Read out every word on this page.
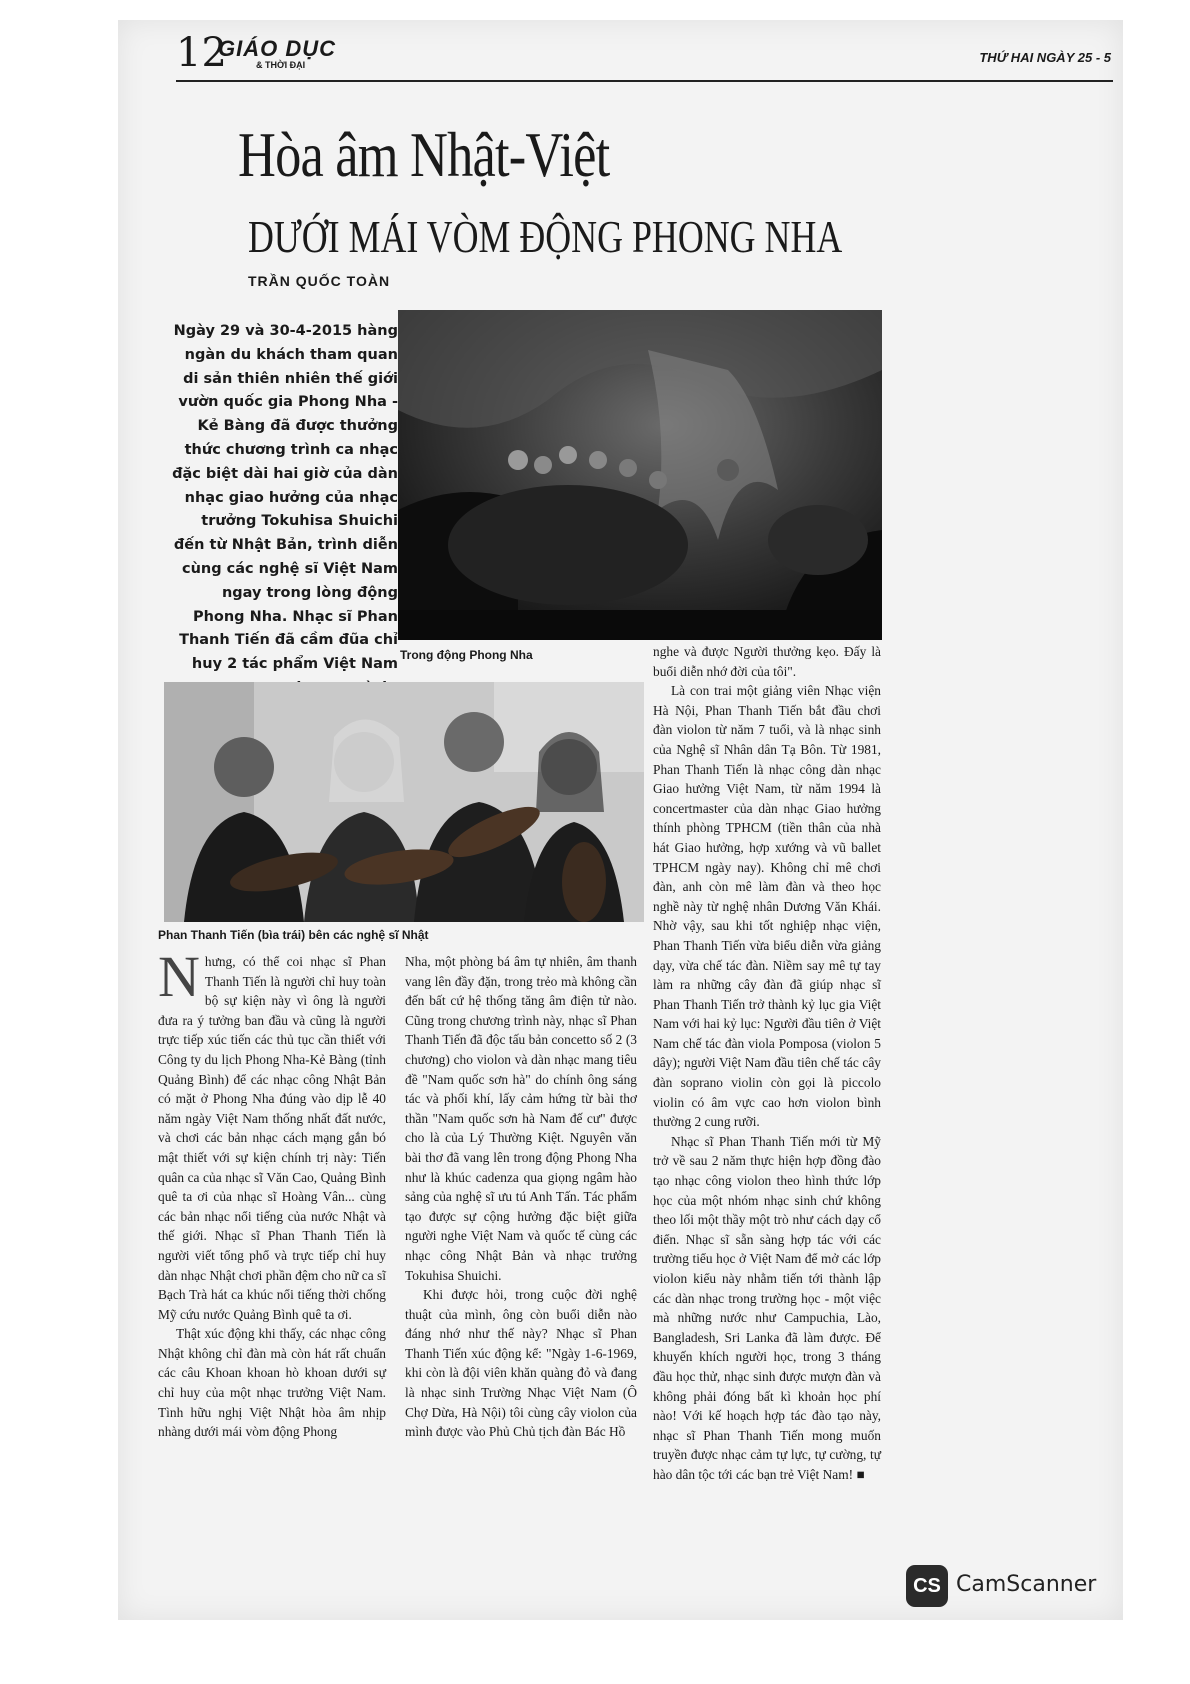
12
GIÁO DỤC
& THỜI ĐẠI	THỨ HAI NGÀY 25 - 5
Hòa âm Nhật-Việt
DƯỚI MÁI VÒM ĐỘNG PHONG NHA
TRẦN QUỐC TOÀN
Ngày 29 và 30-4-2015 hàng ngàn du khách tham quan di sản thiên nhiên thế giới vườn quốc gia Phong Nha - Kẻ Bàng đã được thưởng thức chương trình ca nhạc đặc biệt dài hai giờ của dàn nhạc giao hưởng của nhạc trưởng Tokuhisa Shuichi đến từ Nhật Bản, trình diễn cùng các nghệ sĩ Việt Nam ngay trong lòng động Phong Nha. Nhạc sĩ Phan Thanh Tiến đã cầm đũa chỉ huy 2 tác phẩm Việt Nam
Trong động Phong Nha
Phan Thanh Tiến (bìa trái) bên các nghệ sĩ Nhật

Nhưng, có thể coi nhạc sĩ Phan Thanh Tiến là người chỉ huy toàn bộ sự kiện này vì ông là người đưa ra ý tưởng ban đầu và cũng là người trực tiếp xúc tiến các thủ tục cần thiết với Công ty du lịch Phong Nha-Kẻ Bàng (tỉnh Quảng Bình) để các nhạc công Nhật Bản có mặt ở Phong Nha đúng vào dịp lễ 40 năm ngày Việt Nam thống nhất đất nước, và chơi các bản nhạc cách mạng gắn bó mật thiết với sự kiện chính trị này: Tiến quân ca của nhạc sĩ Văn Cao, Quảng Bình quê ta ơi của nhạc sĩ Hoàng Vân... cùng các bản nhạc nổi tiếng của nước Nhật và thế giới. Nhạc sĩ Phan Thanh Tiến là người viết tổng phổ và trực tiếp chỉ huy dàn nhạc Nhật chơi phần đệm cho nữ ca sĩ Bạch Trà hát ca khúc nổi tiếng thời chống Mỹ cứu nước Quảng Bình quê ta ơi.

Thật xúc động khi thấy, các nhạc công Nhật không chỉ đàn mà còn hát rất chuẩn các câu Khoan khoan hò khoan dưới sự chỉ huy của một nhạc trưởng Việt Nam. Tình hữu nghị Việt Nhật hòa âm nhịp nhàng dưới mái vòm động Phong

Nha, một phòng bá âm tự nhiên, âm thanh vang lên đầy đặn, trong trẻo mà không cần đến bất cứ hệ thống tăng âm điện tử nào. Cũng trong chương trình này, nhạc sĩ Phan Thanh Tiến đã độc tấu bản concetto số 2 (3 chương) cho violon và dàn nhạc mang tiêu đề "Nam quốc sơn hà" do chính ông sáng tác và phối khí, lấy cảm hứng từ bài thơ thần "Nam quốc sơn hà Nam đế cư" được cho là của Lý Thường Kiệt. Nguyên văn bài thơ đã vang lên trong động Phong Nha như là khúc cadenza qua giọng ngâm hào sảng của nghệ sĩ ưu tú Anh Tấn. Tác phẩm tạo được sự cộng hưởng đặc biệt giữa người nghe Việt Nam và quốc tế cùng các nhạc công Nhật Bản và nhạc trưởng Tokuhisa Shuichi.

Khi được hỏi, trong cuộc đời nghệ thuật của mình, ông còn buổi diễn nào đáng nhớ như thế này? Nhạc sĩ Phan Thanh Tiến xúc động kể: "Ngày 1-6-1969, khi còn là đội viên khăn quàng đỏ và đang là nhạc sinh Trường Nhạc Việt Nam (Ô Chợ Dừa, Hà Nội) tôi cùng cây violon của mình được vào Phủ Chủ tịch đàn Bác Hồ

nghe và được Người thưởng kẹo. Đấy là buổi diễn nhớ đời của tôi".

Là con trai một giảng viên Nhạc viện Hà Nội, Phan Thanh Tiến bắt đầu chơi đàn violon từ năm 7 tuổi, và là nhạc sinh của Nghệ sĩ Nhân dân Tạ Bôn. Từ 1981, Phan Thanh Tiến là nhạc công dàn nhạc Giao hưởng Việt Nam, từ năm 1994 là concertmaster của dàn nhạc Giao hưởng thính phòng TPHCM (tiền thân của nhà hát Giao hưởng, hợp xướng và vũ ballet TPHCM ngày nay). Không chỉ mê chơi đàn, anh còn mê làm đàn và theo học nghề này từ nghệ nhân Dương Văn Khái. Nhờ vậy, sau khi tốt nghiệp nhạc viện, Phan Thanh Tiến vừa biểu diễn vừa giảng dạy, vừa chế tác đàn. Niềm say mê tự tay làm ra những cây đàn đã giúp nhạc sĩ Phan Thanh Tiến trở thành kỷ lục gia Việt Nam với hai kỷ lục: Người đầu tiên ở Việt Nam chế tác đàn viola Pomposa (violon 5 dây); người Việt Nam đầu tiên chế tác cây đàn soprano violin còn gọi là piccolo violin có âm vực cao hơn violon bình thường 2 cung rưỡi.

Nhạc sĩ Phan Thanh Tiến mới từ Mỹ trở về sau 2 năm thực hiện hợp đồng đào tạo nhạc công violon theo hình thức lớp học của một nhóm nhạc sinh chứ không theo lối một thầy một trò như cách dạy cổ điển. Nhạc sĩ sẵn sàng hợp tác với các trường tiểu học ở Việt Nam để mở các lớp violon kiểu này nhằm tiến tới thành lập các dàn nhạc trong trường học - một việc mà những nước như Campuchia, Lào, Bangladesh, Sri Lanka đã làm được. Để khuyến khích người học, trong 3 tháng đầu học thử, nhạc sinh được mượn đàn và không phải đóng bất kì khoản học phí nào! Với kế hoạch hợp tác đào tạo này, nhạc sĩ Phan Thanh Tiến mong muốn truyền được nhạc cảm tự lực, tự cường, tự hào dân tộc tới các bạn trẻ Việt Nam! ■

CS CamScanner
